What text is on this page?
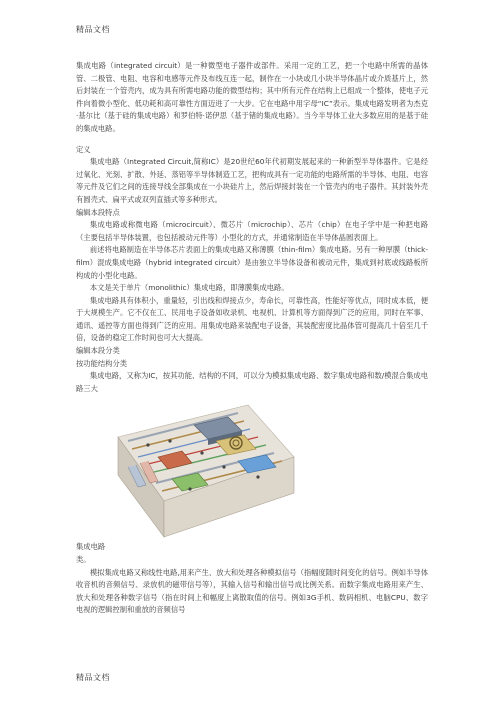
精品文档

集成电路（integrated circuit）是一种微型电子器件或部件。采用一定的工艺，把一个电路中所需的晶体管、二极管、电阻、电容和电感等元件及布线互连一起，制作在一小块或几小块半导体晶片或介质基片上，然后封装在一个管壳内，成为具有所需电路功能的微型结构；其中所有元件在结构上已组成一个整体，使电子元件向着微小型化、低功耗和高可靠性方面迈进了一大步。它在电路中用字母“IC”表示。集成电路发明者为杰克·基尔比（基于硅的集成电路）和罗伯特·诺伊思（基于锗的集成电路）。当今半导体工业大多数应用的是基于硅的集成电路。

定义

集成电路（Integrated Circuit,简称IC）是20世纪60年代初期发展起来的一种新型半导体器件。它是经过氧化、光刻、扩散、外延、蒸铝等半导体制造工艺，把构成具有一定功能的电路所需的半导体、电阻、电容等元件及它们之间的连接导线全部集成在一小块硅片上，然后焊接封装在一个管壳内的电子器件。其封装外壳有圆壳式、扁平式或双列直插式等多种形式。

编辑本段特点

集成电路或称微电路（microcircuit）、微芯片（microchip）、芯片（chip）在电子学中是一种把电路（主要包括半导体装置，也包括被动元件等）小型化的方式，并通常制造在半导体晶圆表面上。

前述将电路制造在半导体芯片表面上的集成电路又称薄膜（thin-film）集成电路。另有一种厚膜（thick-film）混成集成电路（hybrid integrated circuit）是由独立半导体设备和被动元件，集成到衬底或线路板所构成的小型化电路。

本文是关于单片（monolithic）集成电路，即薄膜集成电路。

集成电路具有体积小，重量轻，引出线和焊接点少，寿命长，可靠性高，性能好等优点，同时成本低，便于大规模生产。它不仅在工、民用电子设备如收录机、电视机、计算机等方面得到广泛的应用，同时在军事、通讯、遥控等方面也得到广泛的应用。用集成电路来装配电子设备，其装配密度比晶体管可提高几十倍至几千倍，设备的稳定工作时间也可大大提高。

编辑本段分类

按功能结构分类

集成电路，又称为IC，按其功能、结构的不同，可以分为模拟集成电路、数字集成电路和数/模混合集成电路三大

集成电路

类。

模拟集成电路又称线性电路,用来产生、放大和处理各种模拟信号（指幅度随时间变化的信号。例如半导体收音机的音频信号、录放机的磁带信号等），其输入信号和输出信号成比例关系。而数字集成电路用来产生、放大和处理各种数字信号（指在时间上和幅度上离散取值的信号。例如3G手机、数码相机、电脑CPU、数字电视的逻辑控制和重放的音频信号

精品文档
